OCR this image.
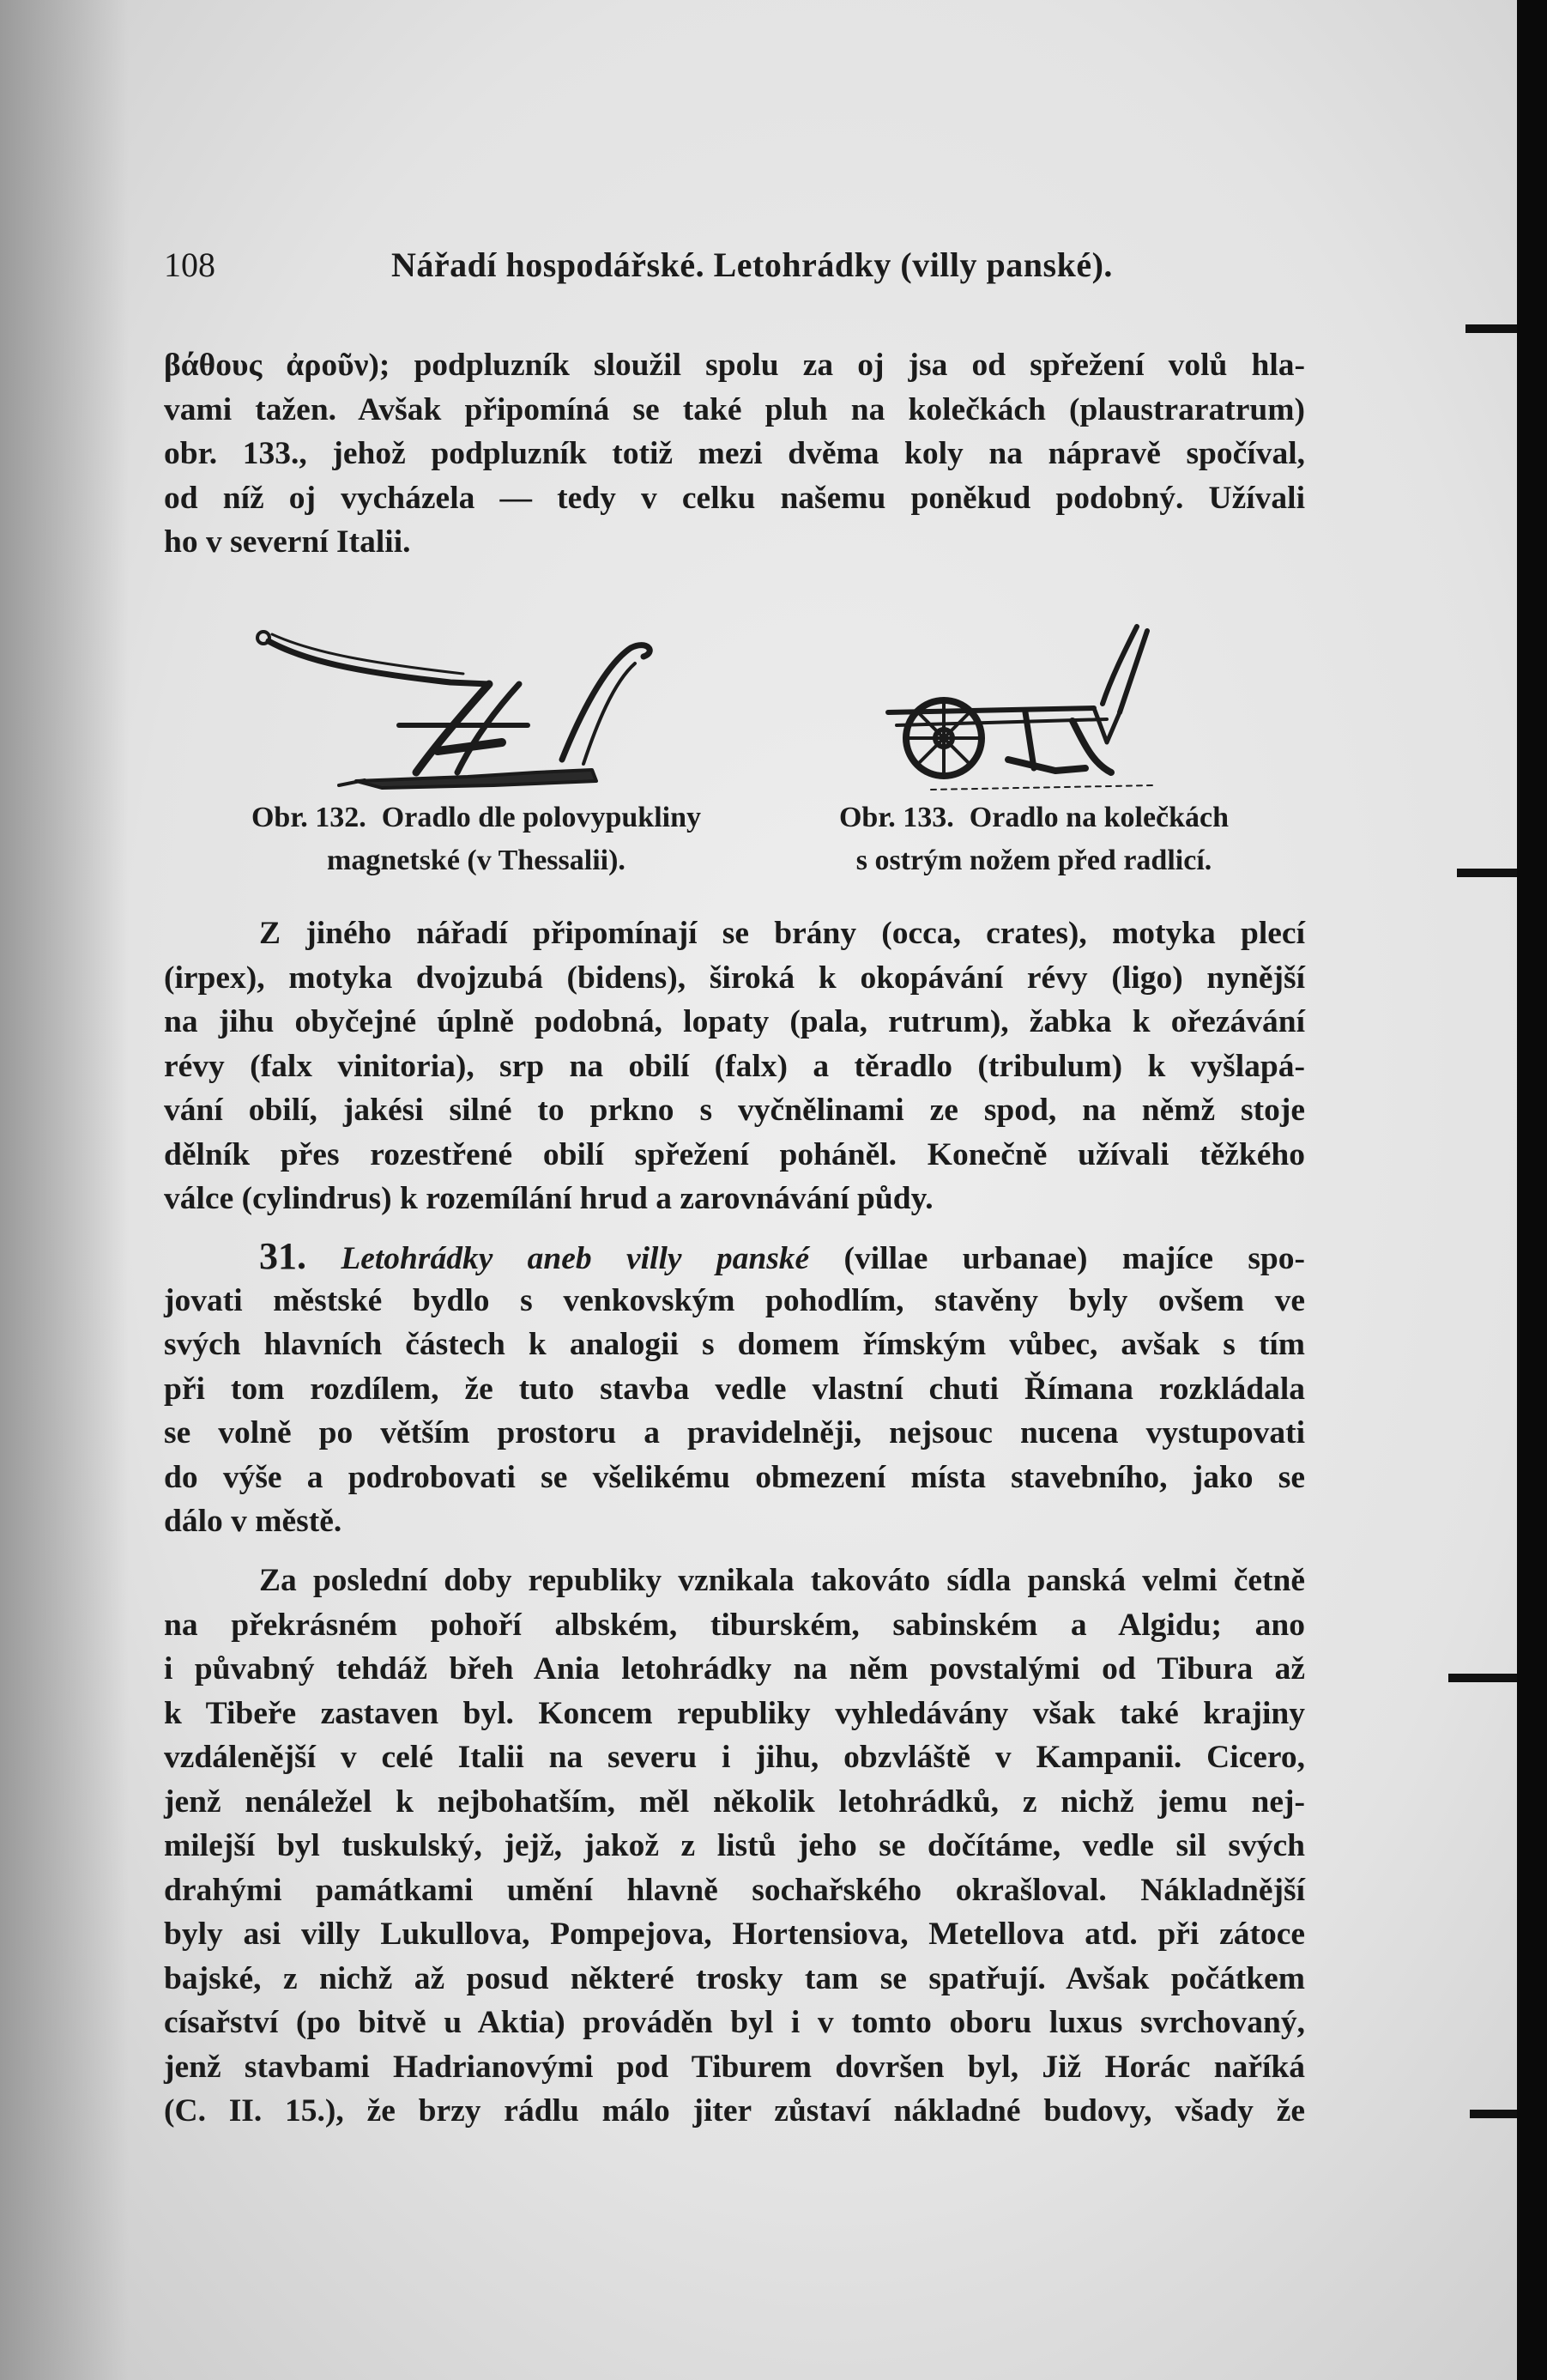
108	Nářadí hospodářské. Letohrádky (villy panské).
βάθους ἀροῦν); podpluzník sloužil spolu za oj jsa od spřežení volů hla-
vami tažen. Avšak připomíná se také pluh na kolečkách (plaustraratrum)
obr. 133., jehož podpluzník totiž mezi dvěma koly na nápravě spočíval,
od níž oj vycházela — tedy v celku našemu poněkud podobný. Užívali
ho v severní Italii.
Obr. 132. Oradlo dle polovypukliny
magnetské (v Thessalii).
Obr. 133. Oradlo na kolečkách
s ostrým nožem před radlicí.
Z jiného nářadí připomínají se brány (occa, crates), motyka plecí
(irpex), motyka dvojzubá (bidens), široká k okopávání révy (ligo) nynější
na jihu obyčejné úplně podobná, lopaty (pala, rutrum), žabka k ořezávání
révy (falx vinitoria), srp na obilí (falx) a těradlo (tribulum) k vyšlapá-
vání obilí, jakési silné to prkno s vyčnělinami ze spod, na němž stoje
dělník přes rozestřené obilí spřežení poháněl. Konečně užívali těžkého
válce (cylindrus) k rozemílání hrud a zarovnávání půdy.
31. Letohrádky aneb villy panské (villae urbanae) majíce spo-
jovati městské bydlo s venkovským pohodlím, stavěny byly ovšem ve
svých hlavních částech k analogii s domem římským vůbec, avšak s tím
při tom rozdílem, že tuto stavba vedle vlastní chuti Římana rozkládala
se volně po větším prostoru a pravidelněji, nejsouc nucena vystupovati
do výše a podrobovati se všelikému obmezení místa stavebního, jako se
dálo v městě.
Za poslední doby republiky vznikala takováto sídla panská velmi četně
na překrásném pohoří albském, tiburském, sabinském a Algidu; ano
i půvabný tehdáž břeh Ania letohrádky na něm povstalými od Tibura až
k Tibeře zastaven byl. Koncem republiky vyhledávány však také krajiny
vzdálenější v celé Italii na severu i jihu, obzvláště v Kampanii. Cicero,
jenž nenáležel k nejbohatším, měl několik letohrádků, z nichž jemu nej-
milejší byl tuskulský, jejž, jakož z listů jeho se dočítáme, vedle sil svých
drahými památkami umění hlavně sochařského okrašloval. Nákladnější
byly asi villy Lukullova, Pompejova, Hortensiova, Metellova atd. při zátoce
bajské, z nichž až posud některé trosky tam se spatřují. Avšak počátkem
císařství (po bitvě u Aktia) prováděn byl i v tomto oboru luxus svrchovaný,
jenž stavbami Hadrianovými pod Tiburem dovršen byl, Již Horác naříká
(C. II. 15.), že brzy rádlu málo jiter zůstaví nákladné budovy, všady že
